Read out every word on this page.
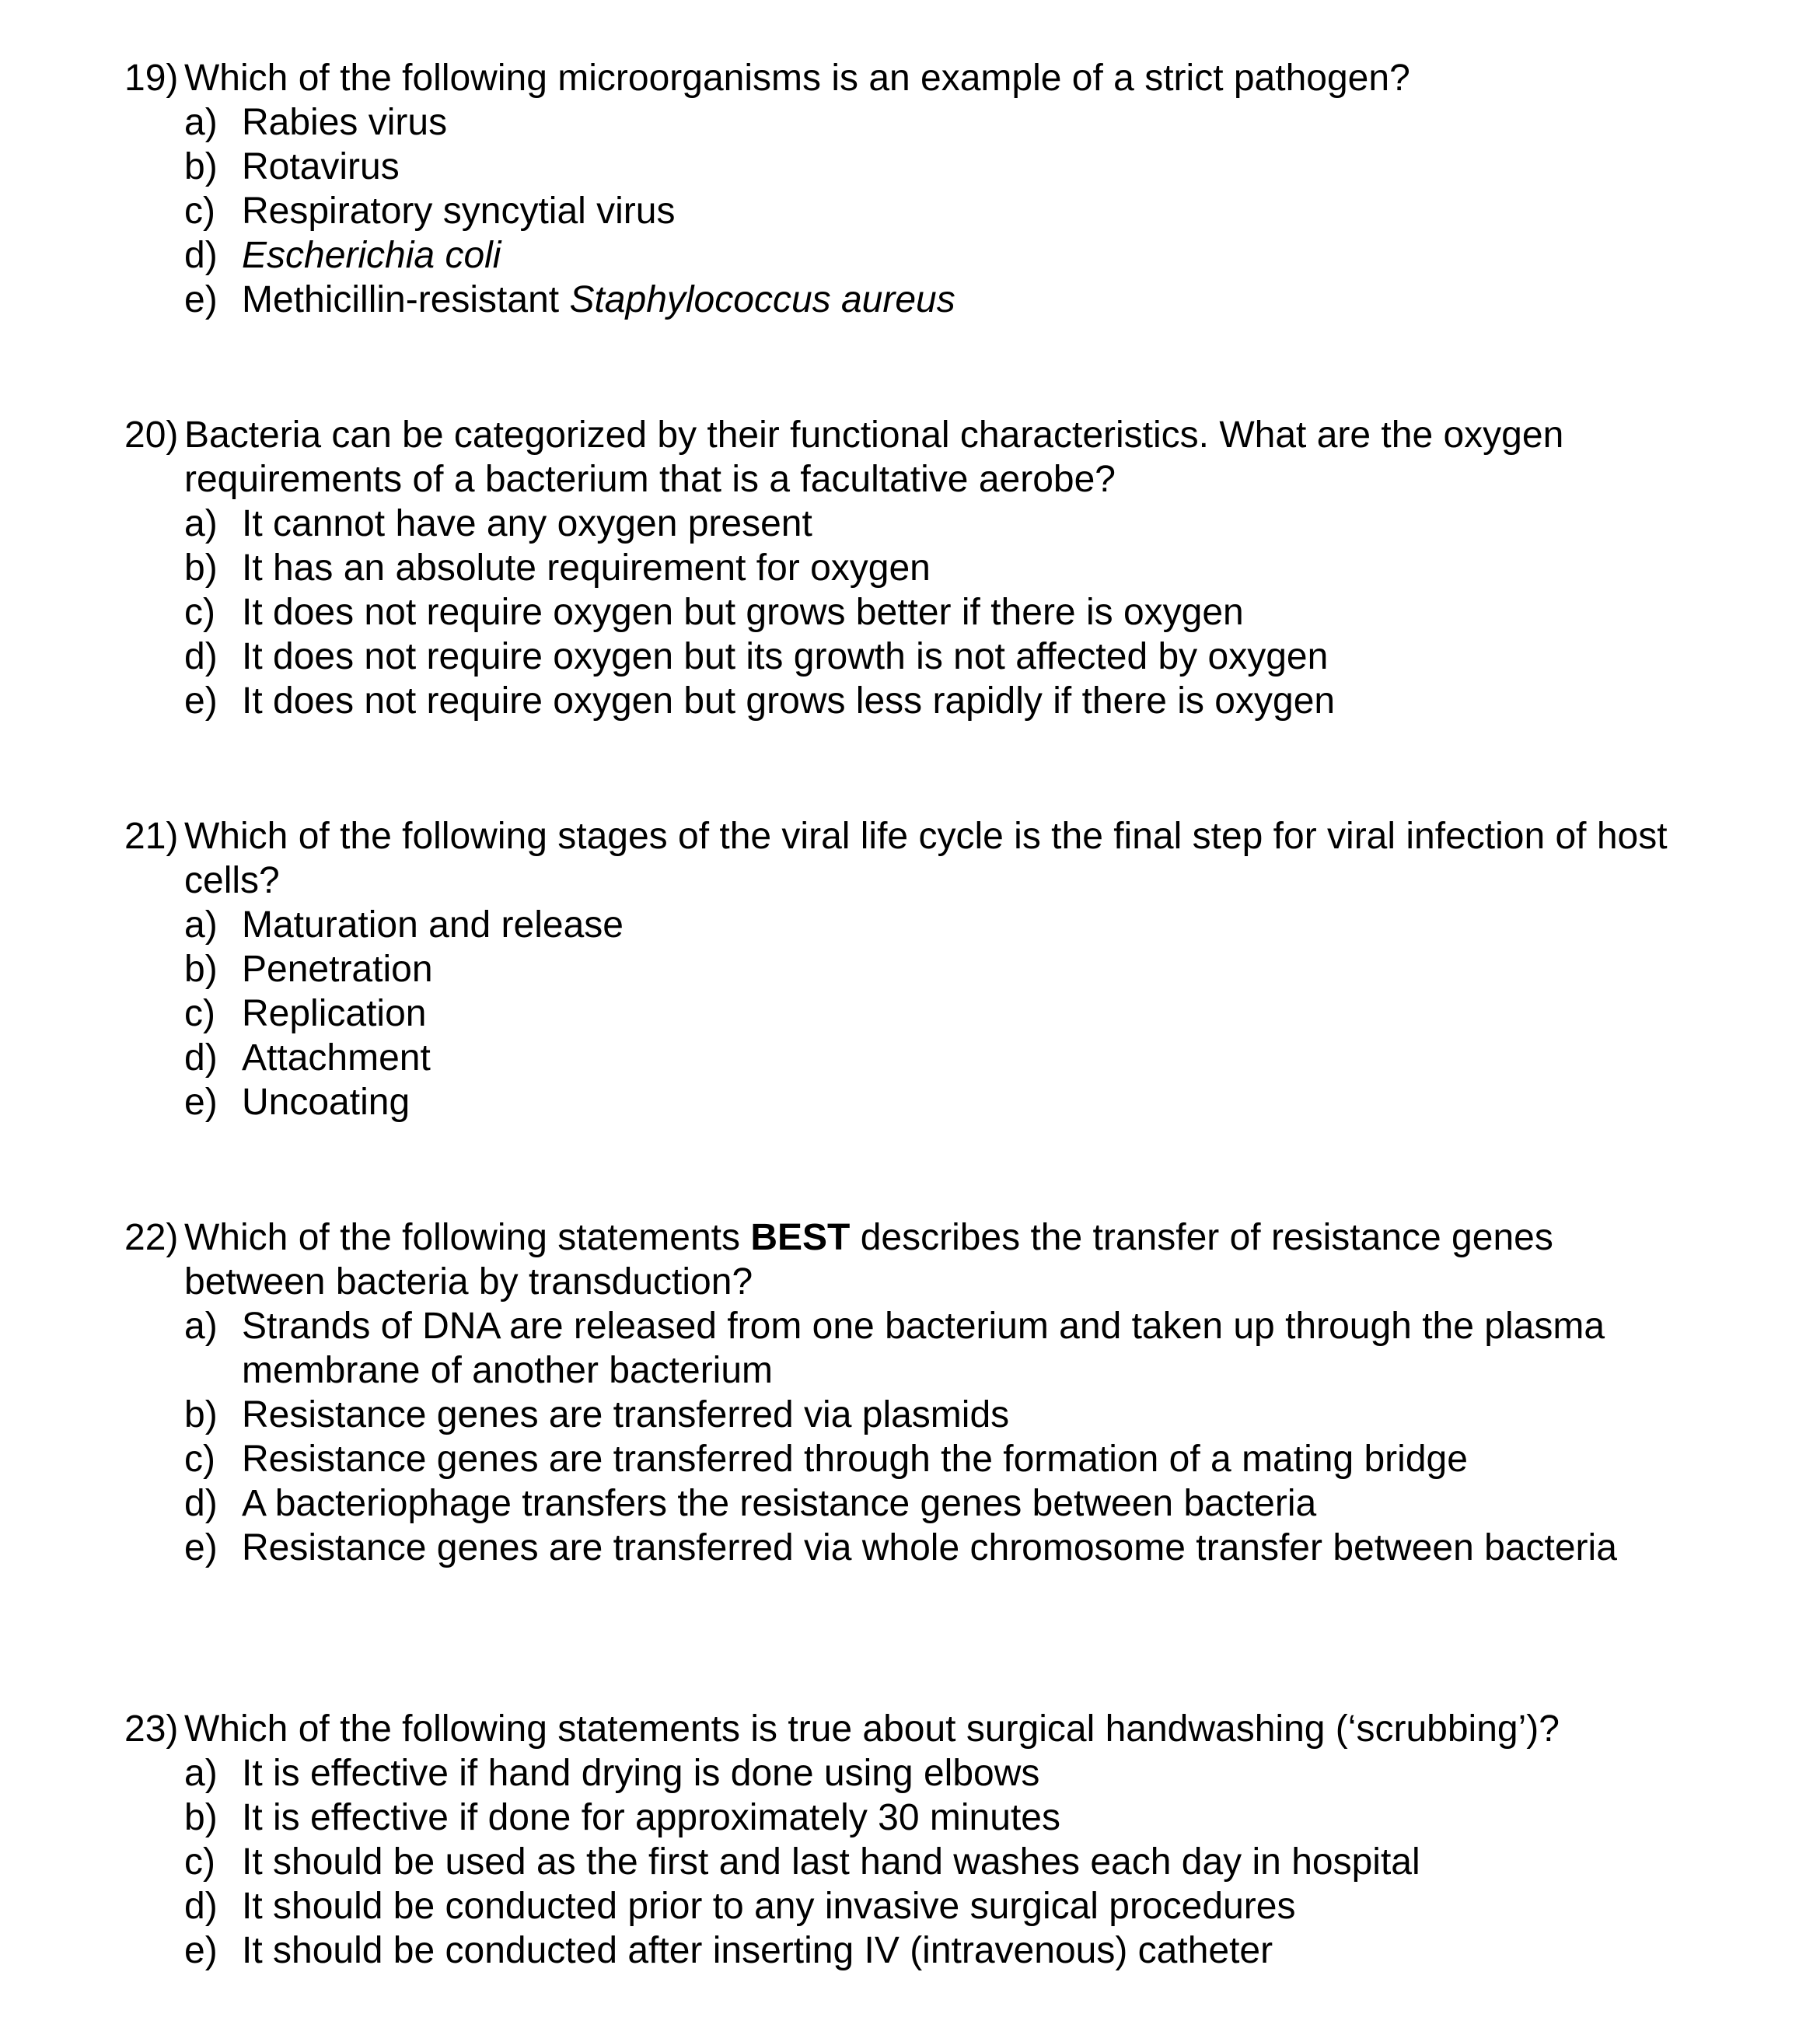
19) Which of the following microorganisms is an example of a strict pathogen?
a) Rabies virus
b) Rotavirus
c) Respiratory syncytial virus
d) Escherichia coli
e) Methicillin-resistant Staphylococcus aureus
20) Bacteria can be categorized by their functional characteristics. What are the oxygen requirements of a bacterium that is a facultative aerobe?
a) It cannot have any oxygen present
b) It has an absolute requirement for oxygen
c) It does not require oxygen but grows better if there is oxygen
d) It does not require oxygen but its growth is not affected by oxygen
e) It does not require oxygen but grows less rapidly if there is oxygen
21) Which of the following stages of the viral life cycle is the final step for viral infection of host cells?
a) Maturation and release
b) Penetration
c) Replication
d) Attachment
e) Uncoating
22) Which of the following statements BEST describes the transfer of resistance genes between bacteria by transduction?
a) Strands of DNA are released from one bacterium and taken up through the plasma membrane of another bacterium
b) Resistance genes are transferred via plasmids
c) Resistance genes are transferred through the formation of a mating bridge
d) A bacteriophage transfers the resistance genes between bacteria
e) Resistance genes are transferred via whole chromosome transfer between bacteria
23) Which of the following statements is true about surgical handwashing (‘scrubbing’)?
a) It is effective if hand drying is done using elbows
b) It is effective if done for approximately 30 minutes
c) It should be used as the first and last hand washes each day in hospital
d) It should be conducted prior to any invasive surgical procedures
e) It should be conducted after inserting IV (intravenous) catheter
